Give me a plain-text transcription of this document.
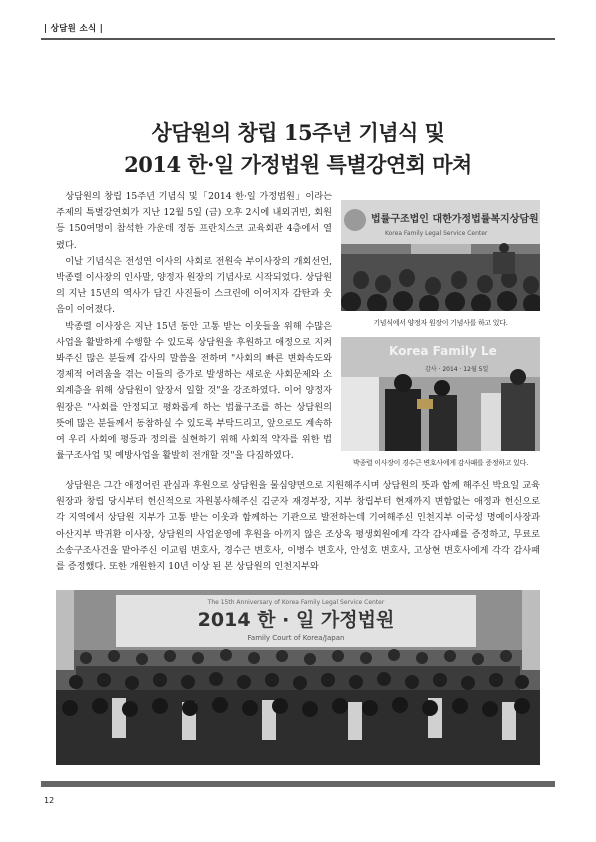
| 상담원 소식 |
상담원의 창립 15주년 기념식 및
2014 한·일 가정법원 특별강연회 마쳐

상담원의 창립 15주년 기념식 및「2014 한·일 가정법원」이라는 주제의 특별강연회가 지난 12월 5일 (금) 오후 2시에 내외귀빈, 회원 등 150여명이 참석한 가운데 정동 프란치스코 교육회관 4층에서 열렸다.

이날 기념식은 전성연 이사의 사회로 전원숙 부이사장의 개회선언, 박종렬 이사장의 인사말, 양정자 원장의 기념사로 시작되었다. 상담원의 지난 15년의 역사가 담긴 사진들이 스크린에 이어지자 감탄과 웃음이 이어졌다.

박종렬 이사장은 지난 15년 동안 고통 받는 이웃들을 위해 수많은 사업을 활발하게 수행할 수 있도록 상담원을 후원하고 애정으로 지켜봐주신 많은 분들께 감사의 말씀을 전하며 "사회의 빠른 변화속도와 경제적 어려움을 겪는 이들의 증가로 발생하는 새로운 사회문제와 소외계층을 위해 상담원이 앞장서 일할 것"을 강조하였다. 이어 양정자 원장은 "사회를 안정되고 평화롭게 하는 법률구조를 하는 상담원의 뜻에 많은 분들께서 동참하실 수 있도록 부탁드리고, 앞으로도 계속하여 우리 사회에 평등과 정의를 실현하기 위해 사회적 약자를 위한 법률구조사업 및 예방사업을 활발히 전개할 것"을 다짐하였다.

법률구조법인 대한가정법률복지상담원
Korea Family Legal Service Center
기념식에서 양정자 원장이 기념사를 하고 있다.
Korea Family Le
감사 · 2014 · 12월 5일
박종렬 이사장이 경수근 변호사에게 감사패를 증정하고 있다.

상담원은 그간 애정어린 관심과 후원으로 상담원을 물심양면으로 지원해주시며 상담원의 뜻과 함께 해주신 박요일 교육원장과 창립 당시부터 헌신적으로 자원봉사해주신 김군자 재경부장, 지부 창립부터 현재까지 변함없는 애정과 헌신으로 각 지역에서 상담원 지부가 고통 받는 이웃과 함께하는 기관으로 발전하는데 기여해주신 인천지부 이국성 명예이사장과 아산지부 박귀환 이사장, 상담원의 사업운영에 후원을 아끼지 않은 조상옥 평생회원에게 각각 감사패를 증정하고, 무료로 소송구조사건을 맡아주신 이교림 변호사, 경수근 변호사, 이병수 변호사, 안성호 변호사, 고상현 변호사에게 각각 감사패를 증정했다. 또한 개원한지 10년 이상 된 본 상담원의 인천지부와

The 15th Anniversary of Korea Family Legal Service Center
2014 한 · 일 가정법원
Family Court of Korea/Japan
12
